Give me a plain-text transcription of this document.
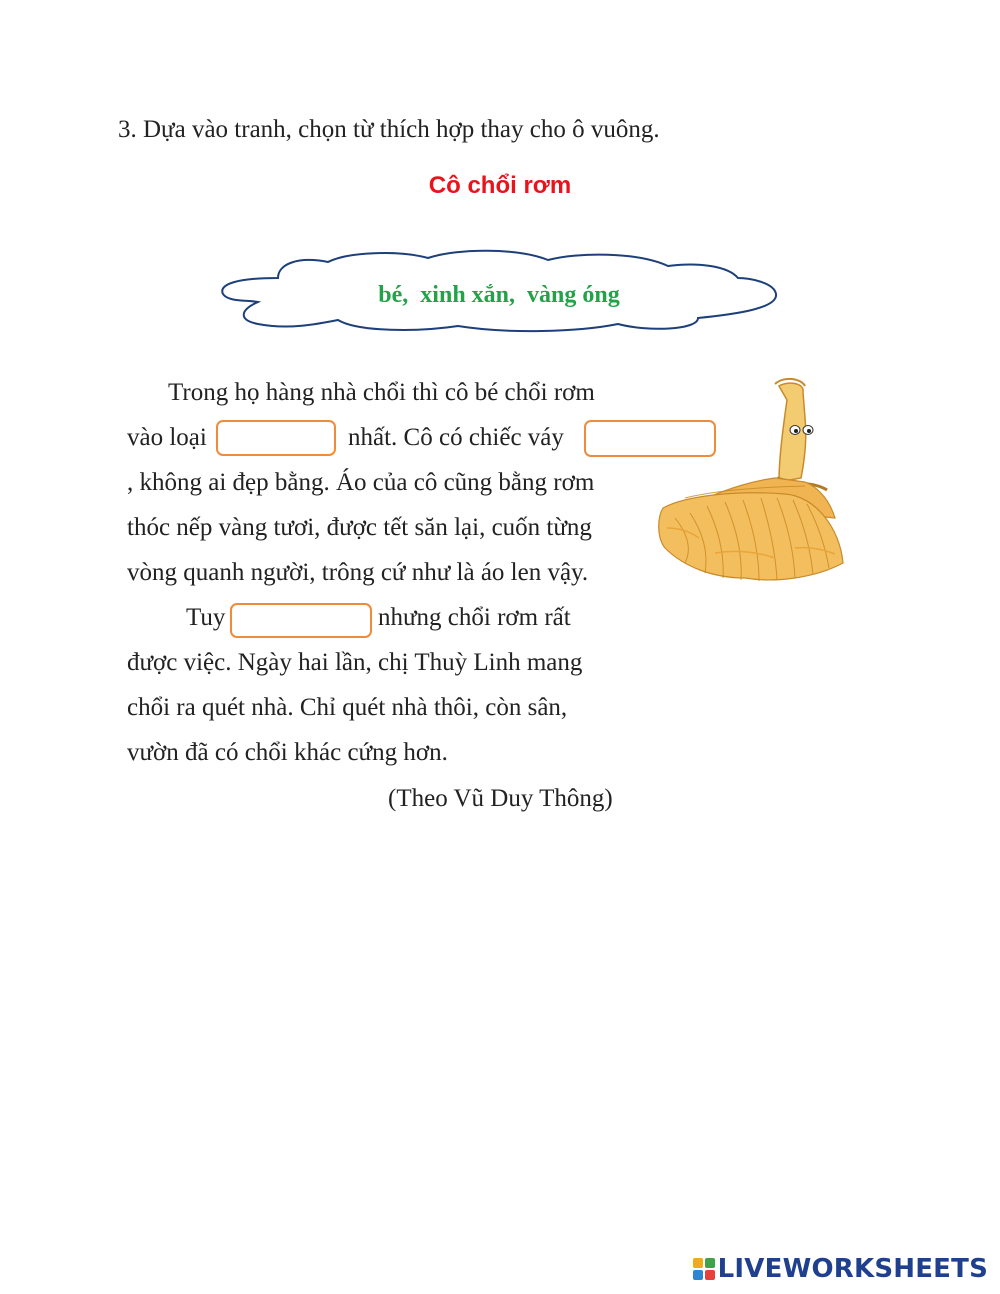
3. Dựa vào tranh, chọn từ thích hợp thay cho ô vuông.
Cô chổi rơm
bé,  xinh xắn,  vàng óng
Trong họ hàng nhà chổi thì cô bé chổi rơm
vào loại	nhất. Cô có chiếc váy
, không ai đẹp bằng. Áo của cô cũng bằng rơm
thóc nếp vàng tươi, được tết săn lại, cuốn từng
vòng quanh người, trông cứ như là áo len vậy.
Tuy	nhưng chổi rơm rất
được việc. Ngày hai lần, chị Thuỳ Linh mang
chổi ra quét nhà. Chỉ quét nhà thôi, còn sân,
vườn đã có chổi khác cứng hơn.
(Theo Vũ Duy Thông)
LIVEWORKSHEETS
